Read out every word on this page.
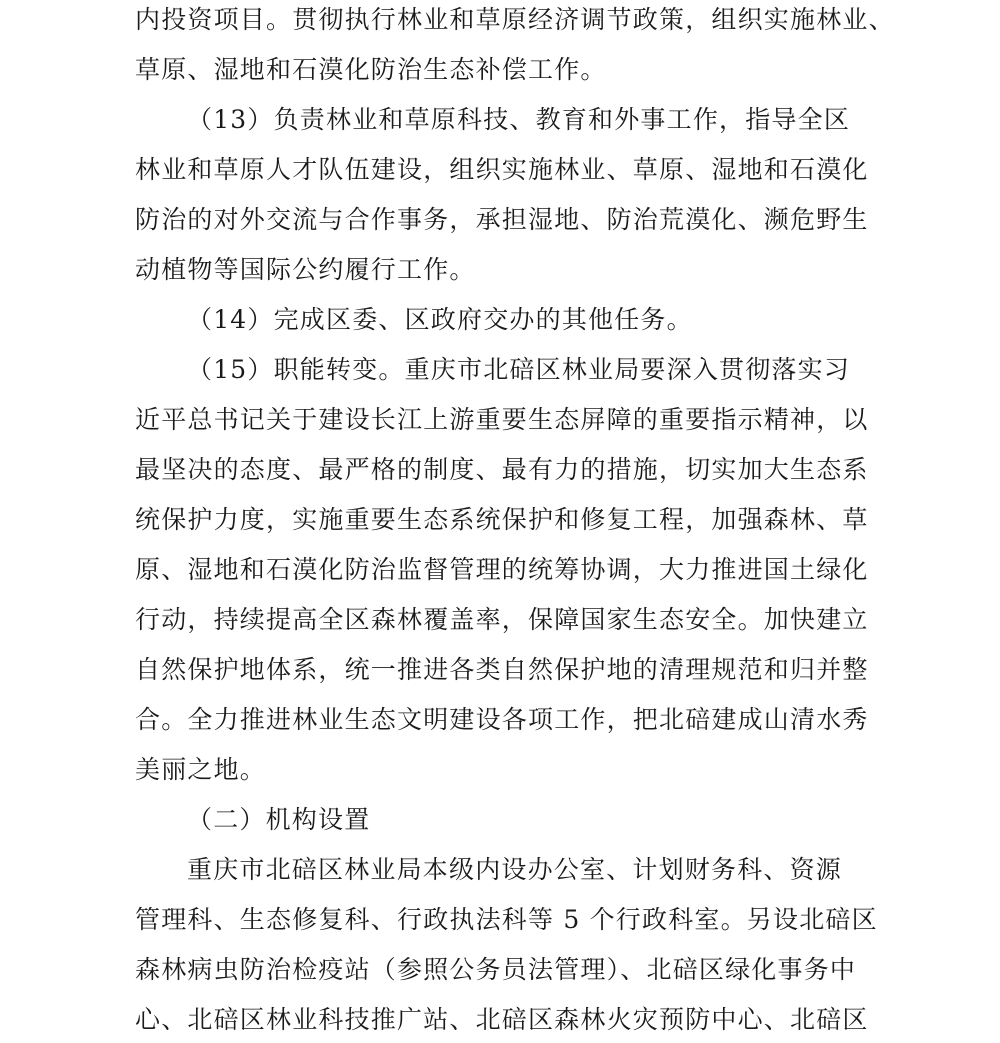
内投资项目。贯彻执行林业和草原经济调节政策，组织实施林业、
草原、湿地和石漠化防治生态补偿工作。
（13）负责林业和草原科技、教育和外事工作，指导全区
林业和草原人才队伍建设，组织实施林业、草原、湿地和石漠化
防治的对外交流与合作事务，承担湿地、防治荒漠化、濒危野生
动植物等国际公约履行工作。
（14）完成区委、区政府交办的其他任务。
（15）职能转变。重庆市北碚区林业局要深入贯彻落实习
近平总书记关于建设长江上游重要生态屏障的重要指示精神，以
最坚决的态度、最严格的制度、最有力的措施，切实加大生态系
统保护力度，实施重要生态系统保护和修复工程，加强森林、草
原、湿地和石漠化防治监督管理的统筹协调，大力推进国土绿化
行动，持续提高全区森林覆盖率，保障国家生态安全。加快建立
自然保护地体系，统一推进各类自然保护地的清理规范和归并整
合。全力推进林业生态文明建设各项工作，把北碚建成山清水秀
美丽之地。
（二）机构设置
重庆市北碚区林业局本级内设办公室、计划财务科、资源
管理科、生态修复科、行政执法科等 5 个行政科室。另设北碚区
森林病虫防治检疫站（参照公务员法管理）、北碚区绿化事务中
心、北碚区林业科技推广站、北碚区森林火灾预防中心、北碚区
